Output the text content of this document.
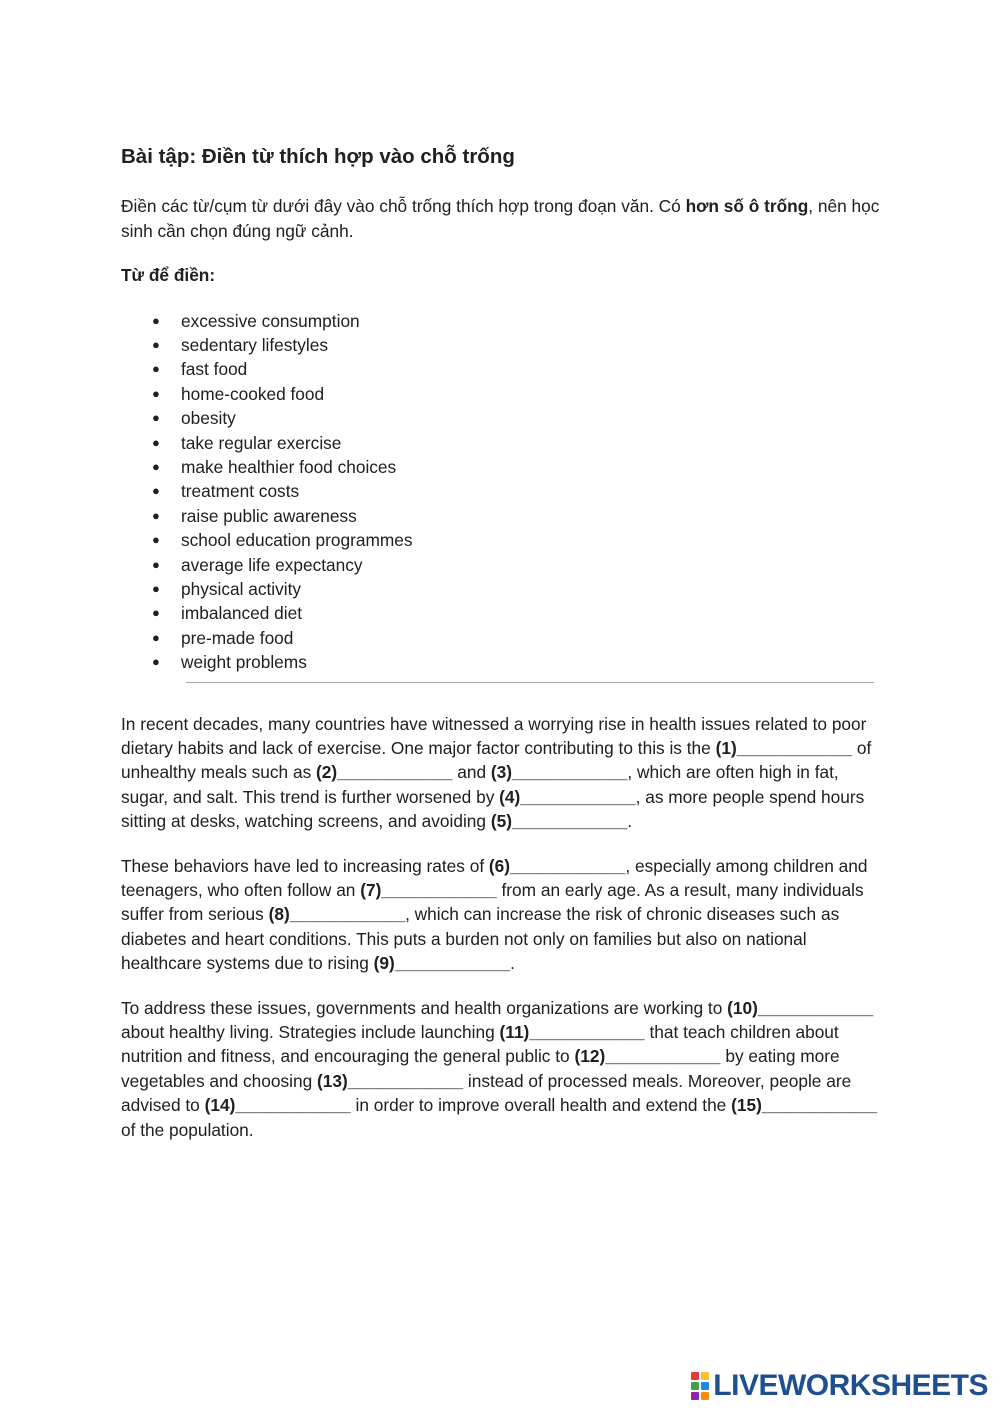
Bài tập: Điền từ thích hợp vào chỗ trống

Điền các từ/cụm từ dưới đây vào chỗ trống thích hợp trong đoạn văn. Có hơn số ô trống, nên học sinh cần chọn đúng ngữ cảnh.

Từ để điền:

● excessive consumption
● sedentary lifestyles
● fast food
● home-cooked food
● obesity
● take regular exercise
● make healthier food choices
● treatment costs
● raise public awareness
● school education programmes
● average life expectancy
● physical activity
● imbalanced diet
● pre-made food
● weight problems

In recent decades, many countries have witnessed a worrying rise in health issues related to poor dietary habits and lack of exercise. One major factor contributing to this is the (1)____________ of unhealthy meals such as (2)____________ and (3)____________, which are often high in fat, sugar, and salt. This trend is further worsened by (4)____________, as more people spend hours sitting at desks, watching screens, and avoiding (5)____________.

These behaviors have led to increasing rates of (6)____________, especially among children and teenagers, who often follow an (7)____________ from an early age. As a result, many individuals suffer from serious (8)____________, which can increase the risk of chronic diseases such as diabetes and heart conditions. This puts a burden not only on families but also on national healthcare systems due to rising (9)____________.

To address these issues, governments and health organizations are working to (10)____________ about healthy living. Strategies include launching (11)____________ that teach children about nutrition and fitness, and encouraging the general public to (12)____________ by eating more vegetables and choosing (13)____________ instead of processed meals. Moreover, people are advised to (14)____________ in order to improve overall health and extend the (15)____________ of the population.

LIVEWORKSHEETS
